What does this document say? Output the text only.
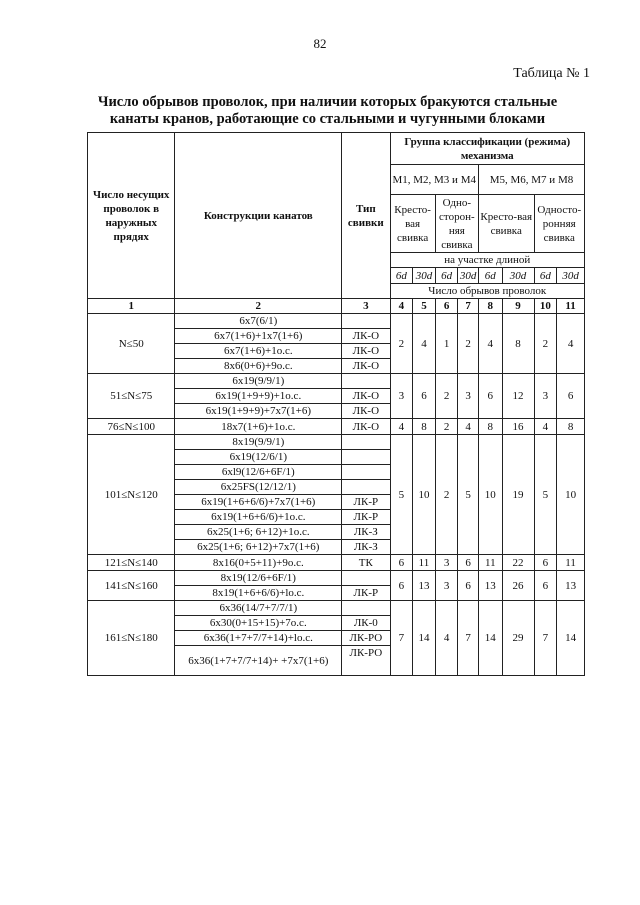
82
Таблица № 1
Число обрывов проволок, при наличии которых бракуются стальные
канаты кранов, работающие со стальными и чугунными блоками
Число несущих проволок в наружных прядях	Конструкции канатов	Тип свивки	Группа классификации (режима) механизма							
			М1, М2, М3 и М4				М5, М6, М7 и М8			
			Кресто-вая свивка		Одно-сторон-няя свивка		Кресто-вая свивка		Односто-ронняя свивка	
			на участке длиной							
			6d	30d	6d	30d	6d	30d	6d	30d
			Число обрывов проволок							

1	2	3	4	5	6	7	8	9	10	11
N≤50	6x7(6/1)		2	4	1	2	4	8	2	4
	6x7(1+6)+1x7(1+6)	ЛК-О								
	6x7(1+6)+1о.с.	ЛК-О								
	8x6(0+6)+9о.с.	ЛК-О								
51≤N≤75	6x19(9/9/1)		3	6	2	3	6	12	3	6
	6x19(1+9+9)+1о.с.	ЛК-О								
	6x19(1+9+9)+7x7(1+6)	ЛК-О								
76≤N≤100	18x7(1+6)+1о.с.	ЛК-О	4	8	2	4	8	16	4	8
101≤N≤120	8x19(9/9/1)		5	10	2	5	10	19	5	10
	6x19(12/6/1)									
	6xl9(12/6+6F/1)									
	6x25FS(12/12/1)									
	6x19(1+6+6/6)+7x7(1+6)	ЛК-Р								
	6x19(1+6+6/6)+1о.с.	ЛК-Р								
	6x25(1+6; 6+12)+1о.с.	ЛК-З								
	6x25(1+6; 6+12)+7x7(1+6)	ЛК-З								
121≤N≤140	8x16(0+5+11)+9о.с.	ТК	6	11	3	6	11	22	6	11
141≤N≤160	8x19(12/6+6F/1)		6	13	3	6	13	26	6	13
	8x19(1+6+6/6)+lо.с.	ЛК-Р								
161≤N≤180	6x36(14/7+7/7/1)		7	14	4	7	14	29	7	14
	6x30(0+15+15)+7о.с.	ЛК-0								
	6x36(1+7+7/7+14)+lо.с.	ЛК-РО								
	6x36(1+7+7/7+14)+ +7x7(1+6)	ЛК-РО								
